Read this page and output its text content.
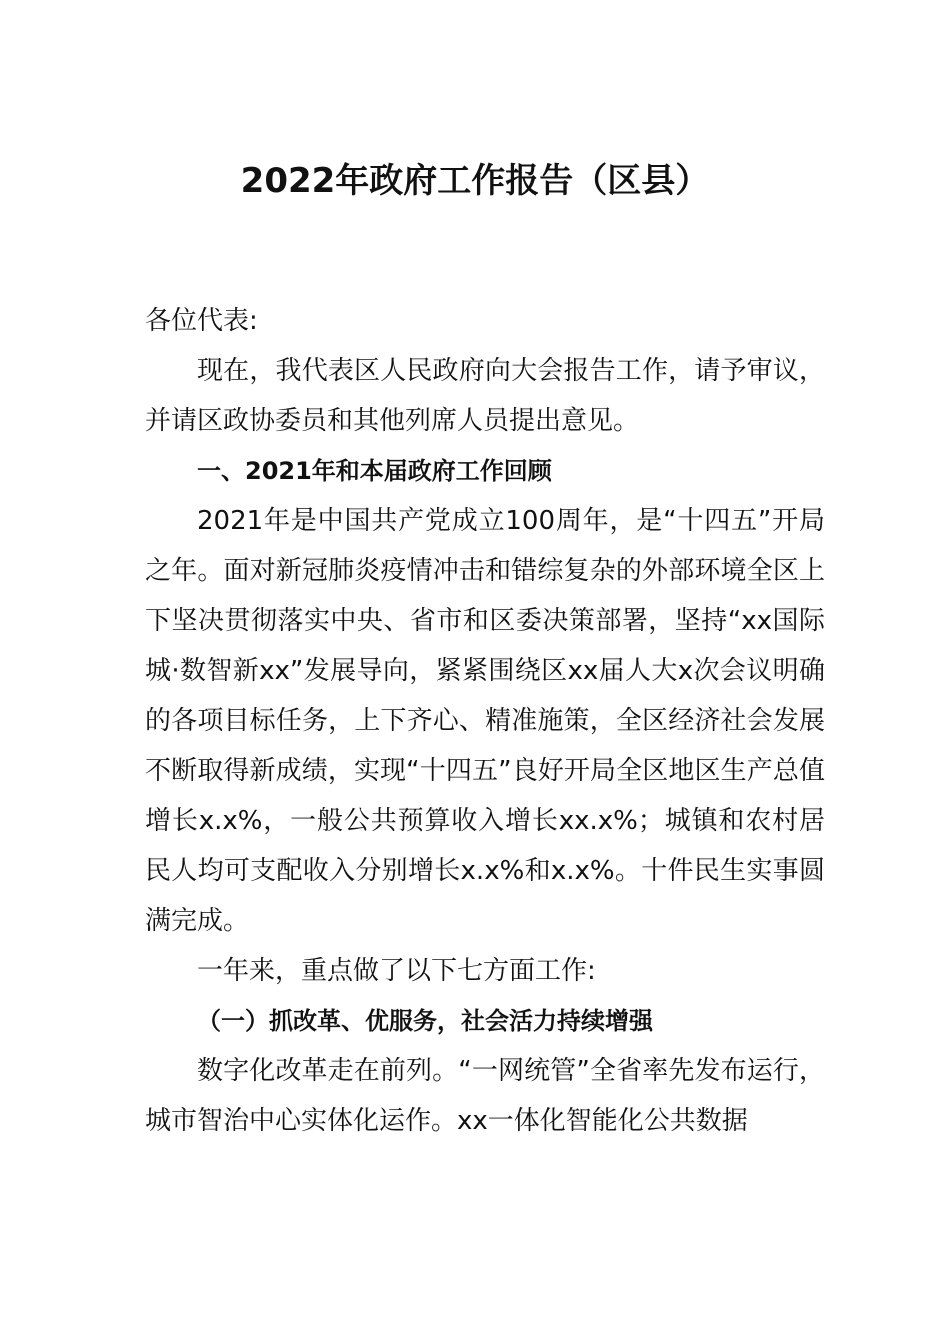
2022年政府工作报告（区县）

各位代表:

现在，我代表区人民政府向大会报告工作，请予审议，并请区政协委员和其他列席人员提出意见。

一、2021年和本届政府工作回顾

2021年是中国共产党成立100周年，是“十四五”开局之年。面对新冠肺炎疫情冲击和错综复杂的外部环境全区上下坚决贯彻落实中央、省市和区委决策部署，坚持“xx国际城·数智新xx”发展导向，紧紧围绕区xx届人大x次会议明确的各项目标任务，上下齐心、精准施策，全区经济社会发展不断取得新成绩，实现“十四五”良好开局全区地区生产总值增长x.x%，一般公共预算收入增长xx.x%；城镇和农村居民人均可支配收入分别增长x.x%和x.x%。十件民生实事圆满完成。

一年来，重点做了以下七方面工作:

（一）抓改革、优服务，社会活力持续增强

数字化改革走在前列。“一网统管”全省率先发布运行，城市智治中心实体化运作。xx一体化智能化公共数据
